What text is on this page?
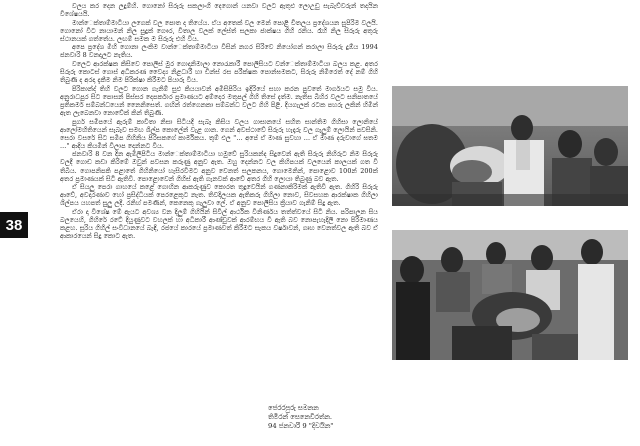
38

වලය කර දෙන ලදුම්හි. ගොනෝ සිරුරු සකලාංගි දෙගොන් යනවා වලට ඇතුළු ලොඋඩු සැබැව්වරුන් තදයින විශේෂයයි.

මාන්ෙක්තාම්මාටියා ලගෙක් වල පොත ද තියේය. ඒය අතෙක් වල මෙන් පොළි චිතලය ප්‍රදේශයන සුපිරිම වලයි. ගොනෝ විට නායාමන් නිල සුදුක් ගෞර, විතාල වලක් ලේස්ත් සලකා ජාක්ෂය ගිහි රනිය. රෑහි නිල සිරුරු අතුරු ස්ථානයක් ගත්තේය. ලඟම් සමක ම සිරුරු එහි විය.

අපෙ ප්‍රදේශ මිහි ගොනා ලංකිම වාන්ෙක්තාම්මාටියා විසින් නගර සිරිවෙ නියෝගන් කරාලා සිරුරු දුඹ්ය 1994 ජනවාරි 8 වනදාලට නැතිය.

වලෙට ආරක්ෂක කිසිවෙ පොලිස් මුර ගොදානිමාලා නොරැකාරී පොලිසියට වන්ෙක්තාම්මාටියා බලය කළ. අතර සිරුරු කොටස් ගොස් අධිකරණ වෛද්‍ය නිළධාරී හා ඩින්ස් රස පරීක්ෂක පොන්ඝමකට, සිරුරු නිමීරෙත් දේ නම් ගිහි තිබුණි ද අරදා දැකීම නිම පිරික්ෂා කිරීමට පියාරු විය.

පිරිකාන්ද් තිහි වලට ගොන ගැනිම් සුළු කියයාවන් අමිසිපිරිය ඉදිරියේ සහා කරන පුවතේ මාර්ගයට සමු විය. අනුරාධපුර සිට පොසන් පිස්සර දෙපර්කාර ප්‍රමාණයට අම්දෙර මතුපල් ගිහි තිසේ දැත්ම. නැතිස බිහිර වලට සනිපාතයේ ප්‍රතිකර්ම සම්බන්ධයෙන් නෛනිසෙත්. ගඟින් රත්ගෙනකා සම්බන්ධ වලට ගිහි පිළි. දියගැලක් රටක පහරු ලකින් හිමින් ඇත ලැබෙනවා නොවේක් කින් තිබුණි.

පුර්ග සමීපයේ ඇරුම් කාවිතා නිසා සිටියදී සැබෑ කිසිය වලය ගාසානයේ සහිත සාන්තිම ගිහිසා ලොනියේ ආලෝමහිතියෙන් සැබෑව සමඟ ශිල්ප කොලේන් වැළ ගාන. ගෙන් අවස්ථාවේ සිරුරු හැදෑරු වල ගැලුම් ලොයින් පවසිනි. සෙරා වසරේ සිට සමීප ගිහිනිය පිරිසකගේ කාර්මිකය. තුම් එල "... අපේ ඒ මාණ සුවහා ... ඒ මාණ දරුවාගේ ඝතම ..." ආදිය කියමින් විලාප දෙන්නට විය.

ජනවාරි 8 වන දින ඇමිලිපිටිය මාන්ෙක්තාම්මාටියා හමුවේ සුරියකන්ද සිදුවෙන් ඇති සිරුරු නිහිරුට නිම සිරුරු වලදී ගොඩ කඩා කිරිමේ ඔවුන් පවසන කරුණු අනුව ඇත. ඔහු දෙන්නට වල කිහිපයක් වලයෙන් කාලයක් ගත වී තිබිය. ගොපනිපකි පළාතේ ගිහිනියෝ හැසිරවීමට අනුව වෙනත් සලකනය, ගොමෙනින්, පොළොව 100න් 200ක් අතර ප්‍රමාණයක් සිටි ඇතිවී. පොළොවෙන් ගිහිස් ඇති ගැනවක් ආවේ අතර ගිහි ලොයා තිබුණු බව ඇත.

ඒ සියලු පෙරා ගාහයේ කළේ ගොහින ආකරුණුව කොරත තුදුවෙයින් ගණනාකිරිමක් ඇතිවී ඇත. ගිහිරි සිරුරු ආවේ, අවදාරණාව හෝ ප්‍රසිද්ධියක් පෙරළෙකුට නැත. තිවදිලයක ඇතිකරු ගිහිලා නොව, සිවසහක ආරක්ෂාක ගිහිලා ශිල්පය යහපත් සුලු ලදී. රනිහ් පමණින්, කෙනෙකු ගැලුවා ලේ. ඒ අනුව පොලීසිය ක්‍රියාව ගැනිම් සිදු ඇත.

ඒරා දා විශේෂ මේ ඇයට අවශ්‍ය වන දිලුම් ගිහියින් සිවිල් ආර්ථික විනිර්ණය තත්ත්වයේ සිටි නිය. පරිපාලන සිය බලයෙහි, ගිහිරේ රටේ දියුණුවට වහලක් හා අධිකාරී ආණ්ඩුවක් ආරම්භය වී ඇති බව නොපැහැදිලි නො පිරිමාණය කළහ. සූරිය ගිහිල් සංවිධානයේ බැඳි, රජයේ කාරයේ ප්‍රමාණවත් කිරීමට සැකය වර්ෂාවන්, ගෘහ වෙනත්වල ඇති බව ඒ ආකාරයෙන් සිදු කොට ඇත.

ජෙරරපුරු සමනන
තිමිරන් සෙනෙවිරත්න.
94 ජනවාරි 9 "දිවයින"
